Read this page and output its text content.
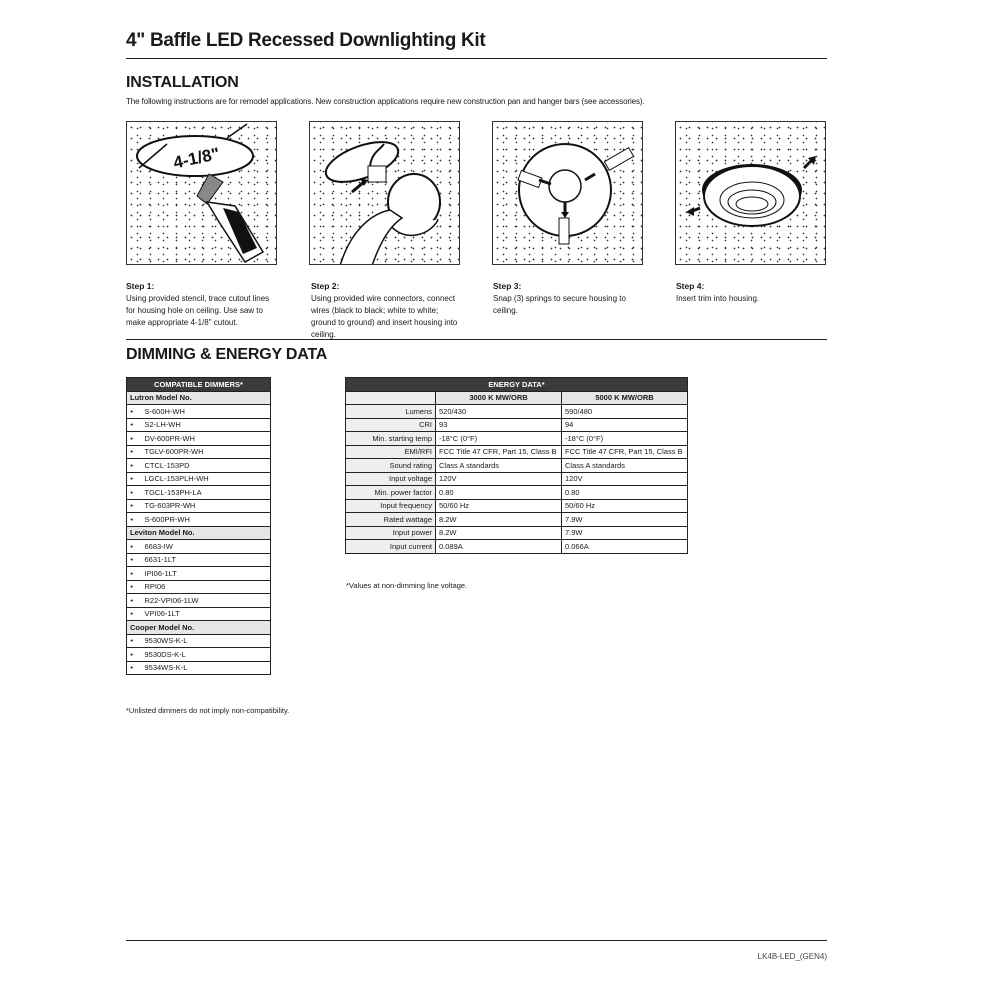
4" Baffle LED Recessed Downlighting Kit
INSTALLATION
The following instructions are for remodel applications. New construction applications require new construction pan and hanger bars (see accessories).
4-1/8"
Step 1:
Using provided stencil, trace cutout lines for housing hole on ceiling. Use saw to make appropriate 4-1/8" cutout.
Step 2:
Using provided wire connectors, connect wires (black to black; white to white; ground to ground) and insert housing into ceiling.
Step 3:
Snap (3) springs to secure housing to ceiling.
Step 4:
Insert trim into housing.
DIMMING & ENERGY DATA
COMPATIBLE DIMMERS*	
Lutron Model No.	
•	S-600H-WH
•	S2-LH-WH
•	DV-600PR-WH
•	TGLV-600PR-WH
•	CTCL-153PD
•	LGCL-153PLH-WH
•	TGCL-153PH-LA
•	TG-603PR-WH
•	S-600PR-WH
Leviton Model No.	
•	6683-IW
•	6631-1LT
•	IPI06-1LT
•	RPI06
•	R22-VPI06-1LW
•	VPI06-1LT
Cooper Model No.	
•	9530WS-K-L
•	9530DS-K-L
•	9534WS-K-L
*Unlisted dimmers do not imply non-compatibility.
ENERGY DATA*		
	3000 K MW/ORB	5000 K MW/ORB
Lumens	520/430	590/480
CRI	93	94
Min. starting temp	-18°C (0°F)	-18°C (0°F)
EMI/RFI	FCC Title 47 CFR, Part 15, Class B	FCC Title 47 CFR, Part 15, Class B
Sound rating	Class A standards	Class A standards
Input voltage	120V	120V
Min. power factor	0.80	0.80
Input frequency	50/60 Hz	50/60 Hz
Rated wattage	8.2W	7.9W
Input power	8.2W	7.9W
Input current	0.089A	0.066A
*Values at non-dimming line voltage.
LK4B-LED_(GEN4)
